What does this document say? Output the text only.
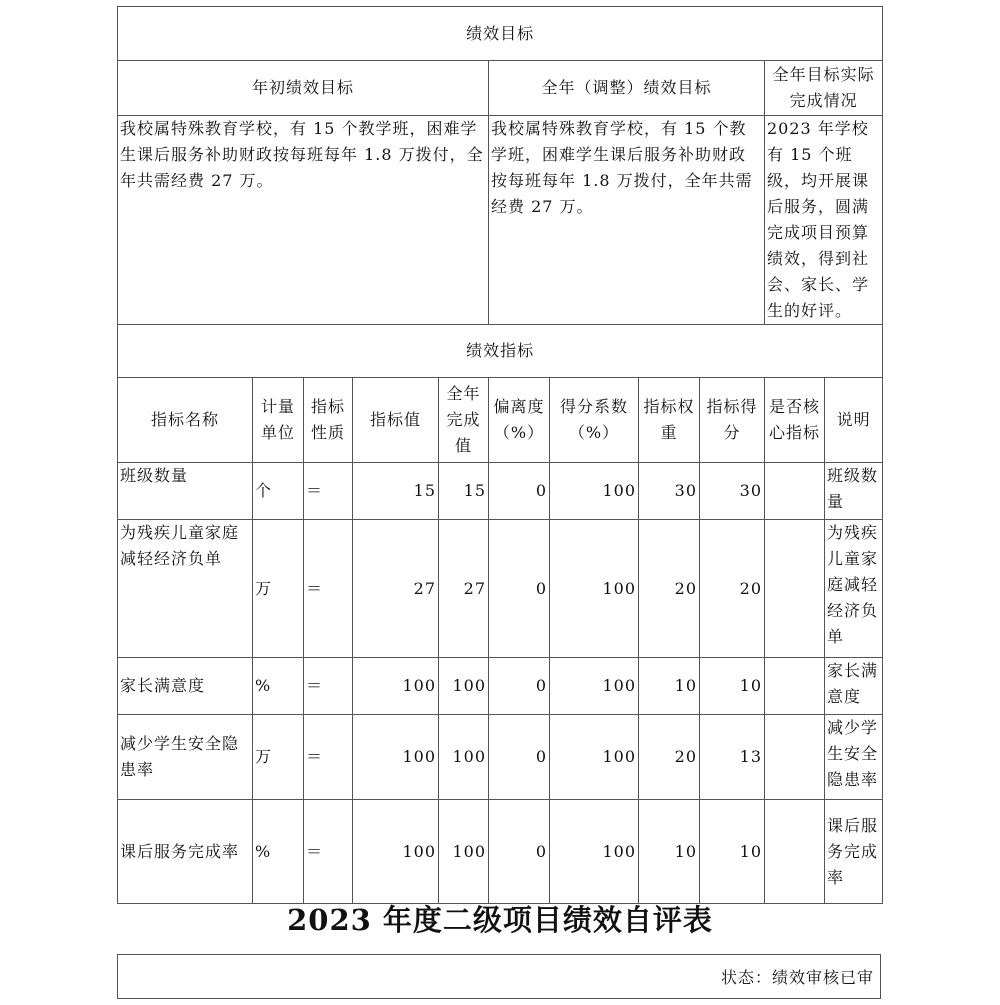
绩效目标										
年初绩效目标					全年（调整）绩效目标				全年目标实际完成情况	
我校属特殊教育学校，有 15 个教学班，困难学生课后服务补助财政按每班每年 1.8 万拨付，全年共需经费 27 万。					我校属特殊教育学校，有 15 个教学班，困难学生课后服务补助财政按每班每年 1.8 万拨付，全年共需经费 27 万。				2023 年学校有 15 个班级，均开展课后服务，圆满完成项目预算绩效，得到社会、家长、学生的好评。	
绩效指标										
指标名称	计量单位	指标性质	指标值	全年完成值	偏离度（%）	得分系数（%）	指标权重	指标得分	是否核心指标	说明
班级数量	个	＝	15	15	0	100	30	30		班级数量
为残疾儿童家庭减轻经济负单	万	＝	27	27	0	100	20	20		为残疾儿童家庭减轻经济负单
家长满意度	%	＝	100	100	0	100	10	10		家长满意度
减少学生安全隐患率	万	＝	100	100	0	100	20	13		减少学生安全隐患率
课后服务完成率	%	＝	100	100	0	100	10	10		课后服务完成率
2023 年度二级项目绩效自评表
状态：绩效审核已审
